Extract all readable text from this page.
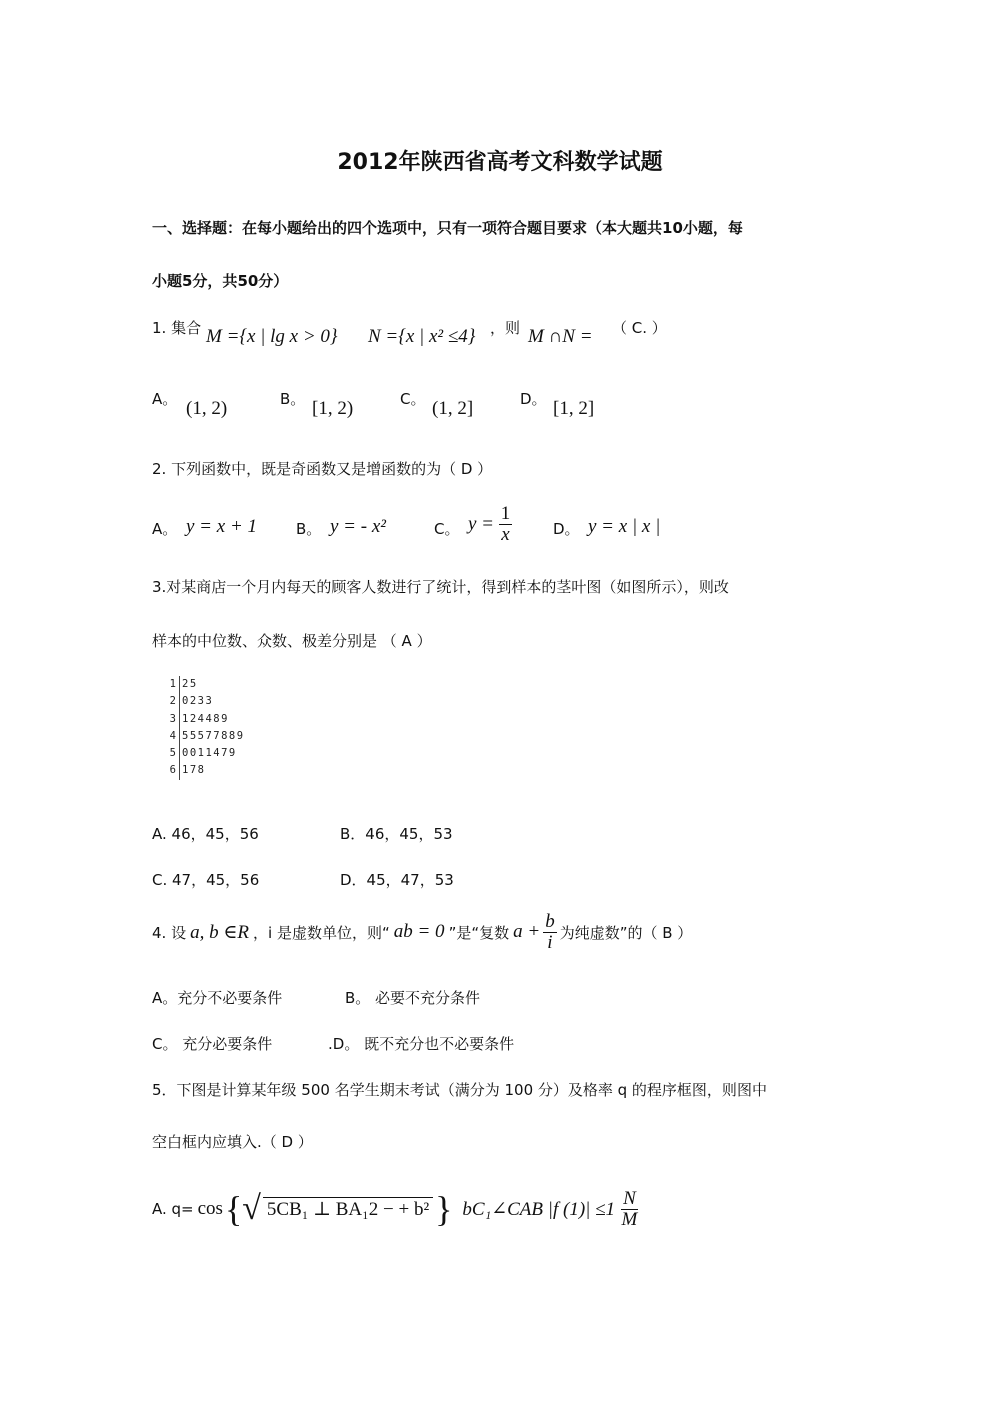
2012年陕西省高考文科数学试题
一、选择题：在每小题给出的四个选项中，只有一项符合题目要求（本大题共10小题，每
小题5分，共50分）
1. 集合 M ={x | lg x > 0} N ={x | x² ≤4} ，则 M ∩N = （ C. ）
A。 (1, 2)	B。 [1, 2)	C。 (1, 2]	D。 [1, 2]
2. 下列函数中，既是奇函数又是增函数的为（ D ）
A。 y = x + 1	B。 y = - x²	C。 $y = \frac{1}{x}$	D。 y = x | x |
3.对某商店一个月内每天的顾客人数进行了统计，得到样本的茎叶图（如图所示），则改
样本的中位数、众数、极差分别是 （ A ）
1 25
2 0233
3 124489
4 55577889
5 0011479
6 178
A. 46，45，56	B．46，45，53
C. 47，45，56	D．45，47，53
4. 设 a, b ∈R ，i 是虚数单位，则“ ab = 0 ”是“复数 $a + \frac{b}{i}$ 为纯虚数”的（ B ）
A。充分不必要条件	B。 必要不充分条件
C。 充分必要条件	.D。 既不充分也不必要条件
5．下图是计算某年级 500 名学生期末考试（满分为 100 分）及格率 q 的程序框图，则图中
空白框内应填入.（ D ）
A. q= cos { √ 5CB₁ ⊥ BA₁2 − + b² } bC₁∠CAB |f $(1)| \le 1 \frac{N}{M}$
